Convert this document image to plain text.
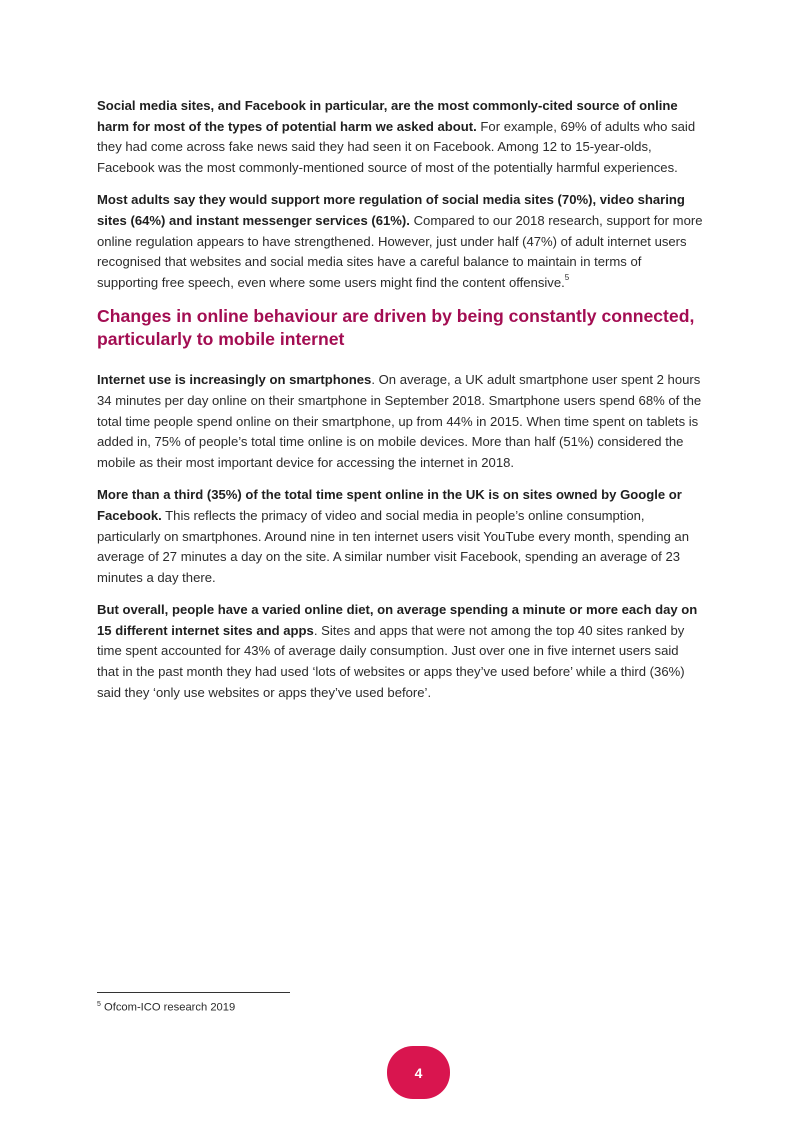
Social media sites, and Facebook in particular, are the most commonly-cited source of online harm for most of the types of potential harm we asked about. For example, 69% of adults who said they had come across fake news said they had seen it on Facebook. Among 12 to 15-year-olds, Facebook was the most commonly-mentioned source of most of the potentially harmful experiences.

Most adults say they would support more regulation of social media sites (70%), video sharing sites (64%) and instant messenger services (61%). Compared to our 2018 research, support for more online regulation appears to have strengthened. However, just under half (47%) of adult internet users recognised that websites and social media sites have a careful balance to maintain in terms of supporting free speech, even where some users might find the content offensive.$^5$

Changes in online behaviour are driven by being constantly connected, particularly to mobile internet

Internet use is increasingly on smartphones. On average, a UK adult smartphone user spent 2 hours 34 minutes per day online on their smartphone in September 2018. Smartphone users spend 68% of the total time people spend online on their smartphone, up from 44% in 2015. When time spent on tablets is added in, 75% of people’s total time online is on mobile devices. More than half (51%) considered the mobile as their most important device for accessing the internet in 2018.

More than a third (35%) of the total time spent online in the UK is on sites owned by Google or Facebook. This reflects the primacy of video and social media in people’s online consumption, particularly on smartphones. Around nine in ten internet users visit YouTube every month, spending an average of 27 minutes a day on the site. A similar number visit Facebook, spending an average of 23 minutes a day there.

But overall, people have a varied online diet, on average spending a minute or more each day on 15 different internet sites and apps. Sites and apps that were not among the top 40 sites ranked by time spent accounted for 43% of average daily consumption. Just over one in five internet users said that in the past month they had used ‘lots of websites or apps they’ve used before’ while a third (36%) said they ‘only use websites or apps they’ve used before’.

$^5$ Ofcom-ICO research 2019
4
